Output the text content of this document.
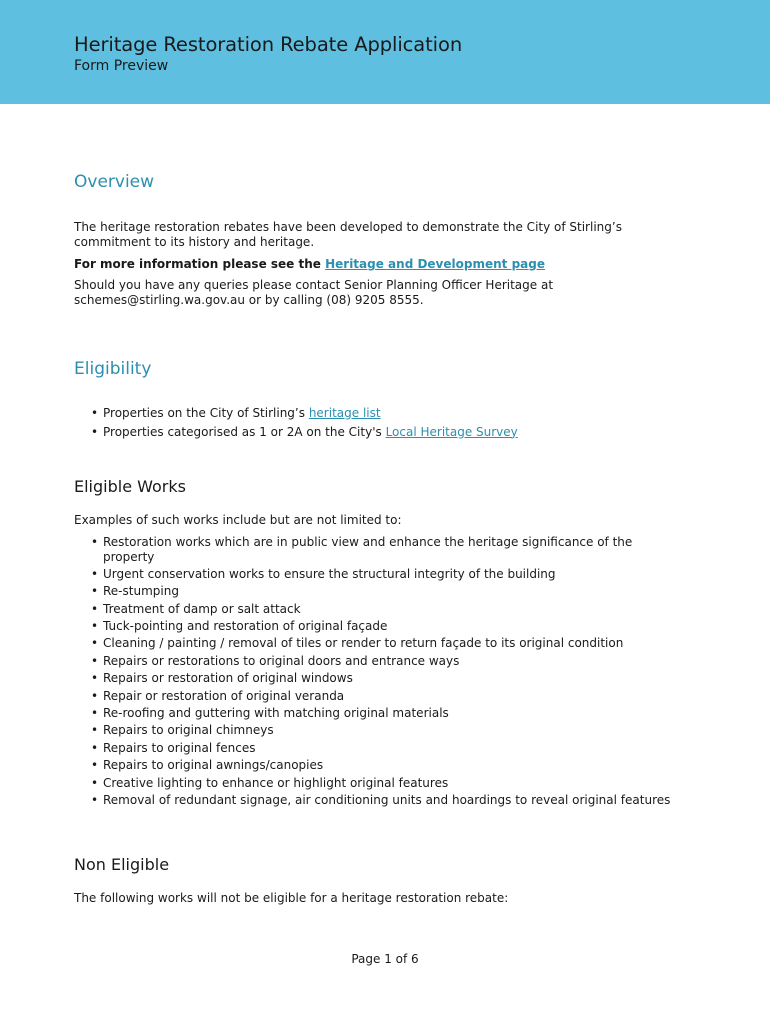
Heritage Restoration Rebate Application
Form Preview
Overview

The heritage restoration rebates have been developed to demonstrate the City of Stirling’s commitment to its history and heritage.

For more information please see the Heritage and Development page

Should you have any queries please contact Senior Planning Officer Heritage at schemes@stirling.wa.gov.au or by calling (08) 9205 8555.

Eligibility
• Properties on the City of Stirling’s heritage list
• Properties categorised as 1 or 2A on the City's Local Heritage Survey
Eligible Works

Examples of such works include but are not limited to:

• Restoration works which are in public view and enhance the heritage significance of the property
• Urgent conservation works to ensure the structural integrity of the building
• Re-stumping
• Treatment of damp or salt attack
• Tuck-pointing and restoration of original façade
• Cleaning / painting / removal of tiles or render to return façade to its original condition
• Repairs or restorations to original doors and entrance ways
• Repairs or restoration of original windows
• Repair or restoration of original veranda
• Re-roofing and guttering with matching original materials
• Repairs to original chimneys
• Repairs to original fences
• Repairs to original awnings/canopies
• Creative lighting to enhance or highlight original features
• Removal of redundant signage, air conditioning units and hoardings to reveal original features
Non Eligible

The following works will not be eligible for a heritage restoration rebate:

Page 1 of 6
